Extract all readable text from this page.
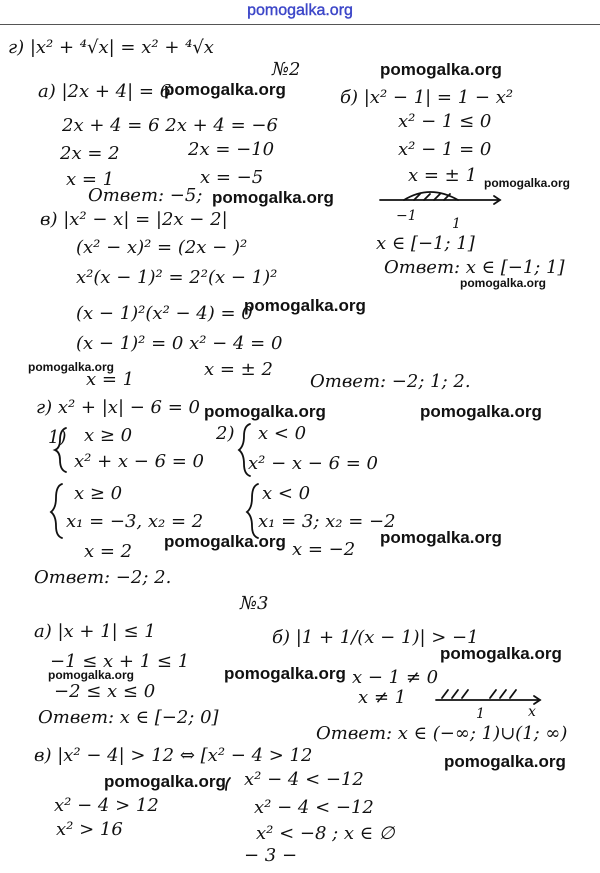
pomogalka.org
г) |x² + ⁴√x| = x² + ⁴√x
№2
а) |2x + 4| = 6
2x + 4 = 6 2x + 4 = −6
2x = 2	2x = −10
x = 1	x = −5
Ответ: −5;
б) |x² − 1| = 1 − x²
x² − 1 ≤ 0
x² − 1 = 0
x = ± 1
−1	1
x ∈ [−1; 1]
Ответ: x ∈ [−1; 1]
в) |x² − x| = |2x − 2|
(x² − x)² = (2x − )²
x²(x − 1)² = 2²(x − 1)²
(x − 1)²(x² − 4) = 0
(x − 1)² = 0 x² − 4 = 0
x = 1	x = ± 2
Ответ: −2; 1; 2.
г) x² + |x| − 6 = 0
1) x ≥ 0
x² + x − 6 = 0
2) x < 0
x² − x − 6 = 0
x ≥ 0
x₁ = −3, x₂ = 2
x < 0
x₁ = 3; x₂ = −2
x = 2	x = −2
Ответ: −2; 2.
№3
а) |x + 1| ≤ 1
−1 ≤ x + 1 ≤ 1
−2 ≤ x ≤ 0
Ответ: x ∈ [−2; 0]
б) |1 + 1/(x − 1)| > −1
x − 1 ≠ 0
x ≠ 1
1	x
Ответ: x ∈ (−∞; 1)∪(1; ∞)
в) |x² − 4| > 12 ⇔ [x² − 4 > 12
x² − 4 < −12
x² − 4 > 12
x² > 16
x² − 4 < −12
x² < −8 ; x ∈ ∅
− 3 −
pomogalka.org
pomogalka.org
pomogalka.org
pomogalka.org
pomogalka.org
pomogalka.org
pomogalka.org
pomogalka.org	pomogalka.org
pomogalka.org	pomogalka.org
pomogalka.org
pomogalka.org	pomogalka.org
pomogalka.org
pomogalka.org
